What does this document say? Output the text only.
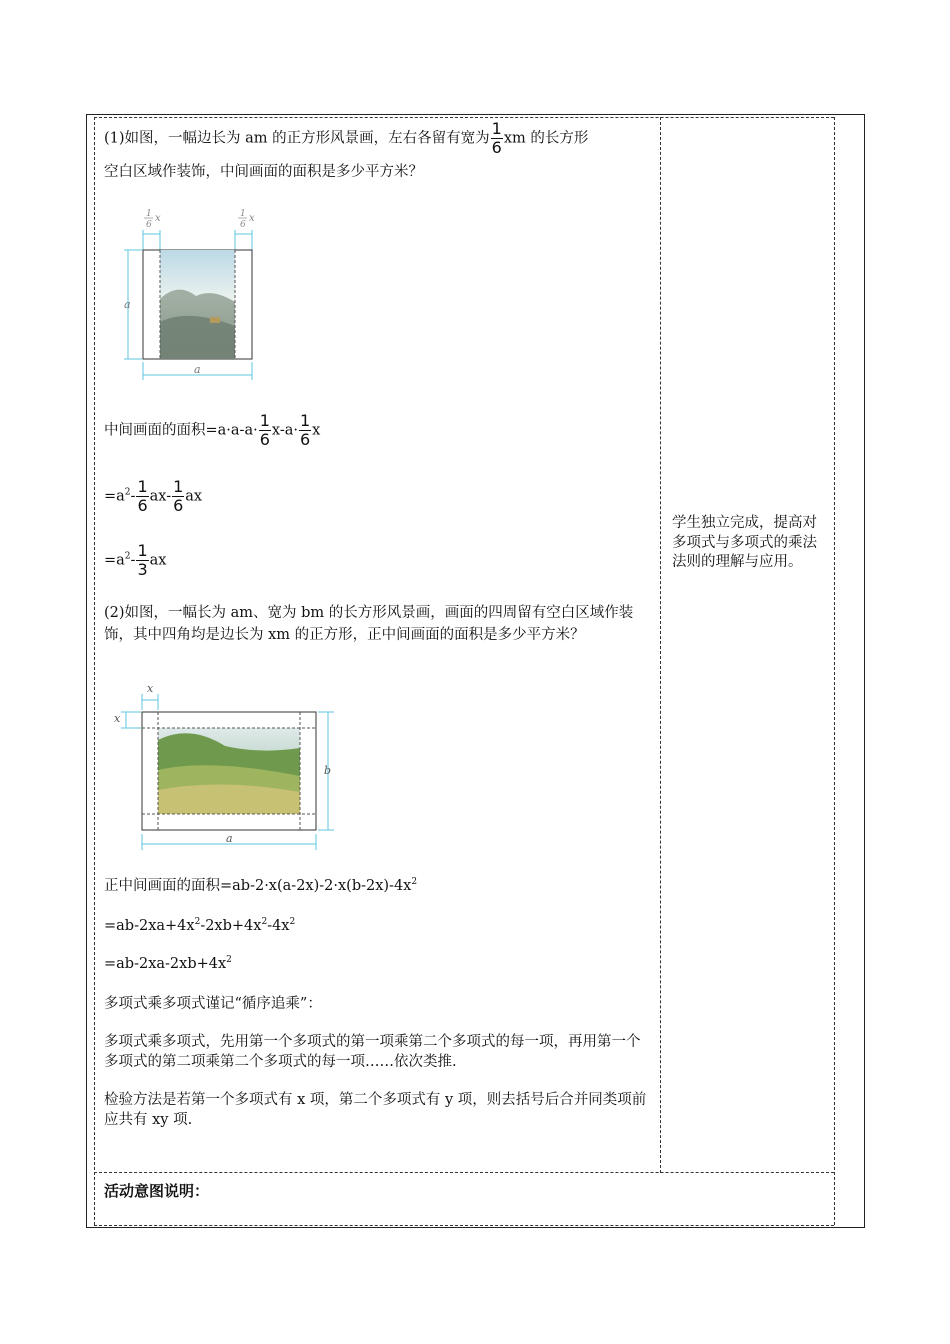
(1)如图，一幅边长为 am 的正方形风景画，左右各留有宽为 $\frac{1}{6}$ xm 的长方形

空白区域作装饰，中间画面的面积是多少平方米？

1
6
x	1
6
x
a
a

中间画面的面积$=a\cdot a-a\cdot \frac{1}{6} x-a\cdot \frac{1}{6}$ x

$=a^2- \frac{1}{6} ax- \frac{1}{6}$ ax

$=a^2- \frac{1}{3}$ ax

(2)如图，一幅长为 am、宽为 bm 的长方形风景画，画面的四周留有空白区域作装饰，其中四角均是边长为 xm 的正方形，正中间画面的面积是多少平方米？

x
x
b
a

正中间画面的面积$=ab-2\cdot x(a-2x)-2\cdot x(b-2x)-4x^2$

$=ab-2xa+4x^2-2xb+4x^2-4x^2$

$=ab-2xa-2xb+4x^2$

多项式乘多项式谨记“循序追乘”：

多项式乘多项式，先用第一个多项式的第一项乘第二个多项式的每一项，再用第一个多项式的第二项乘第二个多项式的每一项……依次类推.

检验方法是若第一个多项式有 x 项，第二个多项式有 y 项，则去括号后合并同类项前应共有 xy 项.

学生独立完成，提高对多项式与多项式的乘法法则的理解与应用。
活动意图说明：
